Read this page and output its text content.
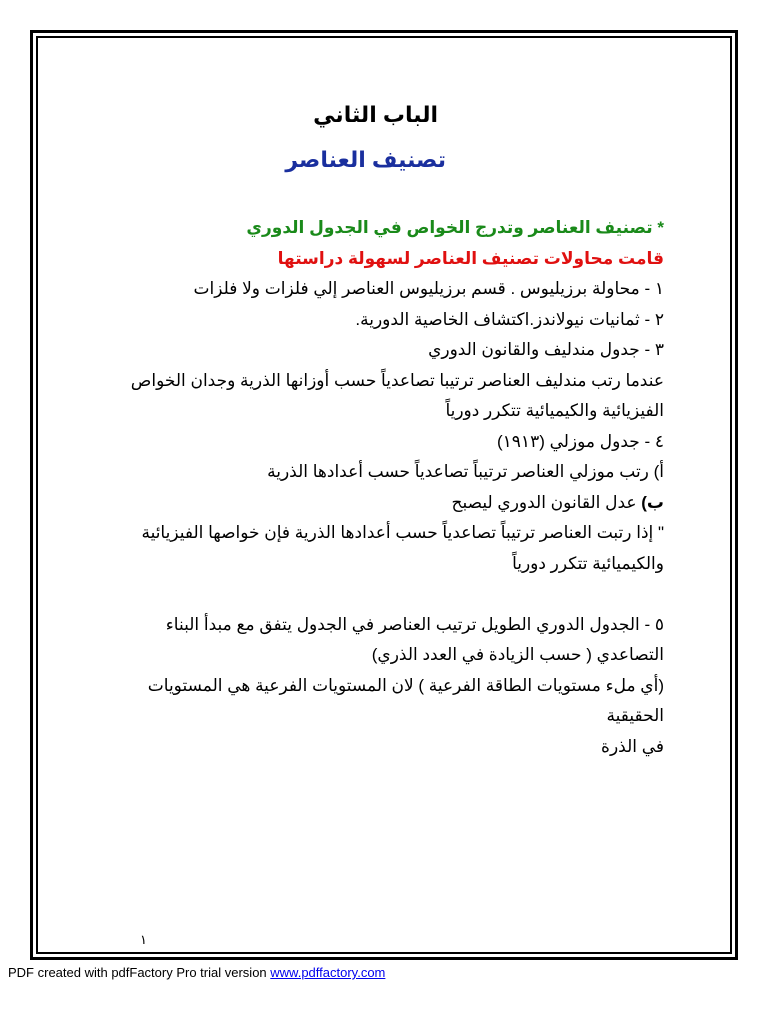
الباب الثاني
تصنيف العناصر

* تصنيف العناصر وتدرج الخواص في الجدول الدوري

قامت محاولات تصنيف العناصر لسهولة دراستها

١ - محاولة برزيليوس . قسم برزيليوس العناصر إلي فلزات ولا فلزات

٢ - ثمانيات نيولاندز.اكتشاف الخاصية الدورية.

٣ - جدول مندليف والقانون الدوري

عندما رتب مندليف العناصر ترتيبا تصاعدياً حسب أوزانها الذرية وجدان الخواص

الفيزيائية والكيميائية تتكرر دورياً

٤ - جدول موزلي (١٩١٣)

أ) رتب موزلي العناصر ترتيباً تصاعدياً حسب أعدادها الذرية

ب) عدل القانون الدوري ليصبح

" إذا رتبت العناصر ترتيباً تصاعدياً حسب أعدادها الذرية فإن خواصها الفيزيائية

والكيميائية تتكرر دورياً

٥ - الجدول الدوري الطويل ترتيب العناصر في الجدول يتفق مع مبدأ البناء

التصاعدي ( حسب الزيادة في العدد الذري)

(أي ملء مستويات الطاقة الفرعية ) لان المستويات الفرعية هي المستويات الحقيقية

في الذرة

١
PDF created with pdfFactory Pro trial version www.pdffactory.com
